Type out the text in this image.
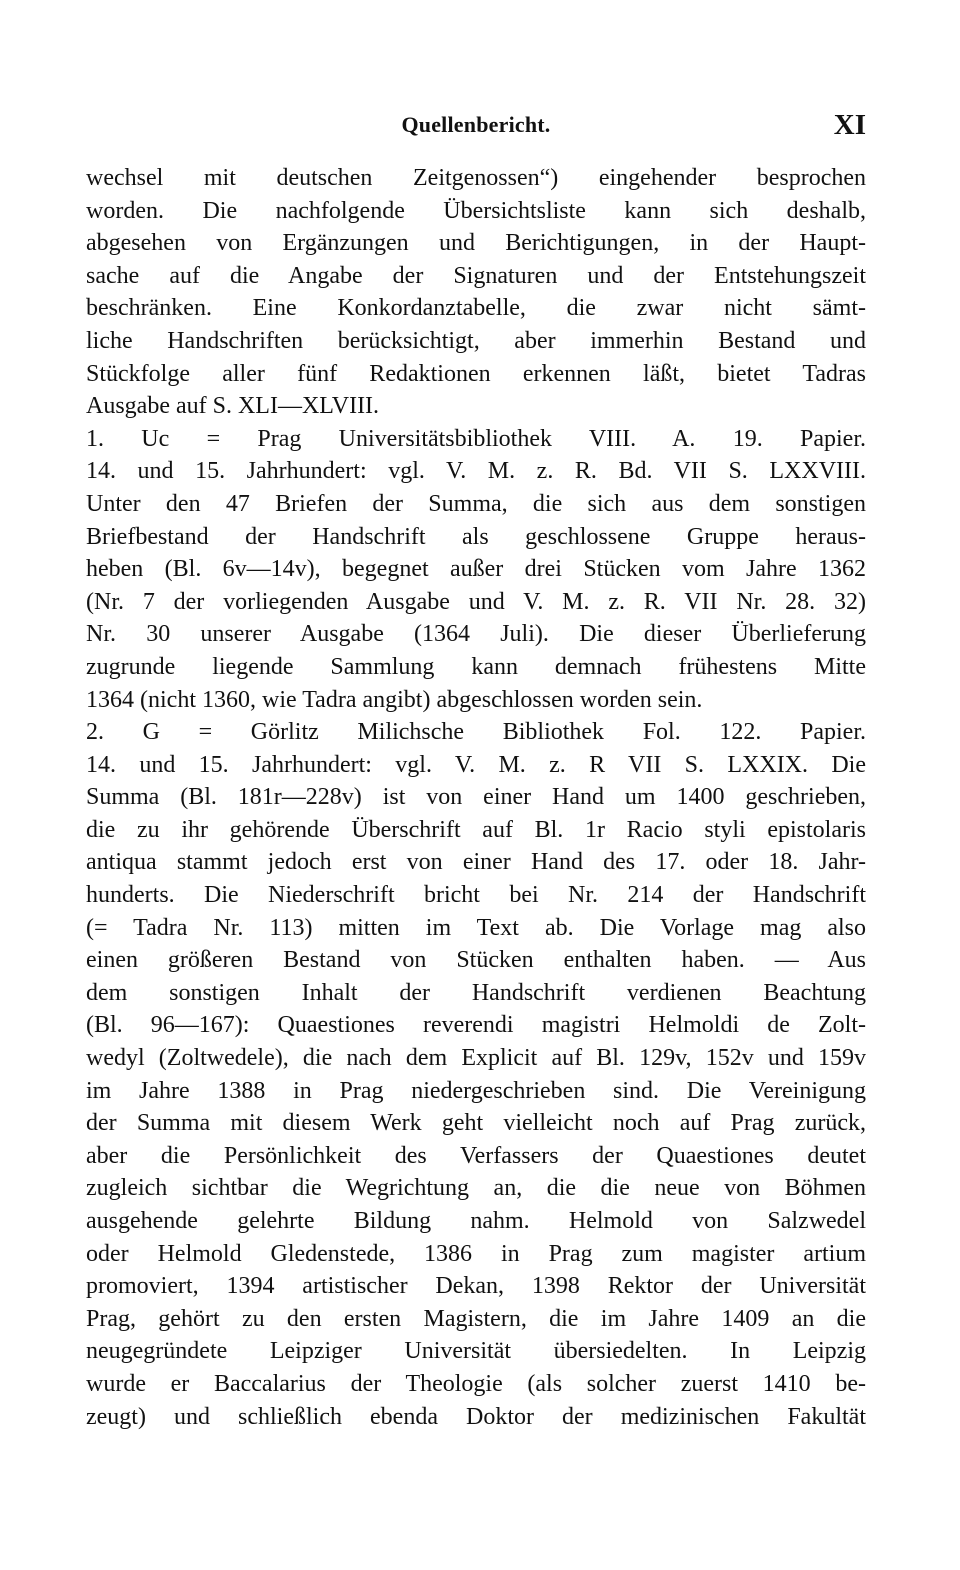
Quellenbericht.	XI
wechsel mit deutschen Zeitgenossen“) eingehender besprochen
worden. Die nachfolgende Übersichtsliste kann sich deshalb,
abgesehen von Ergänzungen und Berichtigungen, in der Haupt-
sache auf die Angabe der Signaturen und der Entstehungszeit
beschränken. Eine Konkordanztabelle, die zwar nicht sämt-
liche Handschriften berücksichtigt, aber immerhin Bestand und
Stückfolge aller fünf Redaktionen erkennen läßt, bietet Tadras
Ausgabe auf S. XLI—XLVIII.
1. Uc = Prag Universitätsbibliothek VIII. A. 19. Papier.
14. und 15. Jahrhundert: vgl. V. M. z. R. Bd. VII S. LXXVIII.
Unter den 47 Briefen der Summa, die sich aus dem sonstigen
Briefbestand der Handschrift als geschlossene Gruppe heraus-
heben (Bl. 6v—14v), begegnet außer drei Stücken vom Jahre 1362
(Nr. 7 der vorliegenden Ausgabe und V. M. z. R. VII Nr. 28. 32)
Nr. 30 unserer Ausgabe (1364 Juli). Die dieser Überlieferung
zugrunde liegende Sammlung kann demnach frühestens Mitte
1364 (nicht 1360, wie Tadra angibt) abgeschlossen worden sein.
2. G = Görlitz Milichsche Bibliothek Fol. 122. Papier.
14. und 15. Jahrhundert: vgl. V. M. z. R VII S. LXXIX. Die
Summa (Bl. 181r—228v) ist von einer Hand um 1400 geschrieben,
die zu ihr gehörende Überschrift auf Bl. 1r Racio styli epistolaris
antiqua stammt jedoch erst von einer Hand des 17. oder 18. Jahr-
hunderts. Die Niederschrift bricht bei Nr. 214 der Handschrift
(= Tadra Nr. 113) mitten im Text ab. Die Vorlage mag also
einen größeren Bestand von Stücken enthalten haben. — Aus
dem sonstigen Inhalt der Handschrift verdienen Beachtung
(Bl. 96—167): Quaestiones reverendi magistri Helmoldi de Zolt-
wedyl (Zoltwedele), die nach dem Explicit auf Bl. 129v, 152v und 159v
im Jahre 1388 in Prag niedergeschrieben sind. Die Vereinigung
der Summa mit diesem Werk geht vielleicht noch auf Prag zurück,
aber die Persönlichkeit des Verfassers der Quaestiones deutet
zugleich sichtbar die Wegrichtung an, die die neue von Böhmen
ausgehende gelehrte Bildung nahm. Helmold von Salzwedel
oder Helmold Gledenstede, 1386 in Prag zum magister artium
promoviert, 1394 artistischer Dekan, 1398 Rektor der Universität
Prag, gehört zu den ersten Magistern, die im Jahre 1409 an die
neugegründete Leipziger Universität übersiedelten. In Leipzig
wurde er Baccalarius der Theologie (als solcher zuerst 1410 be-
zeugt) und schließlich ebenda Doktor der medizinischen Fakultät
